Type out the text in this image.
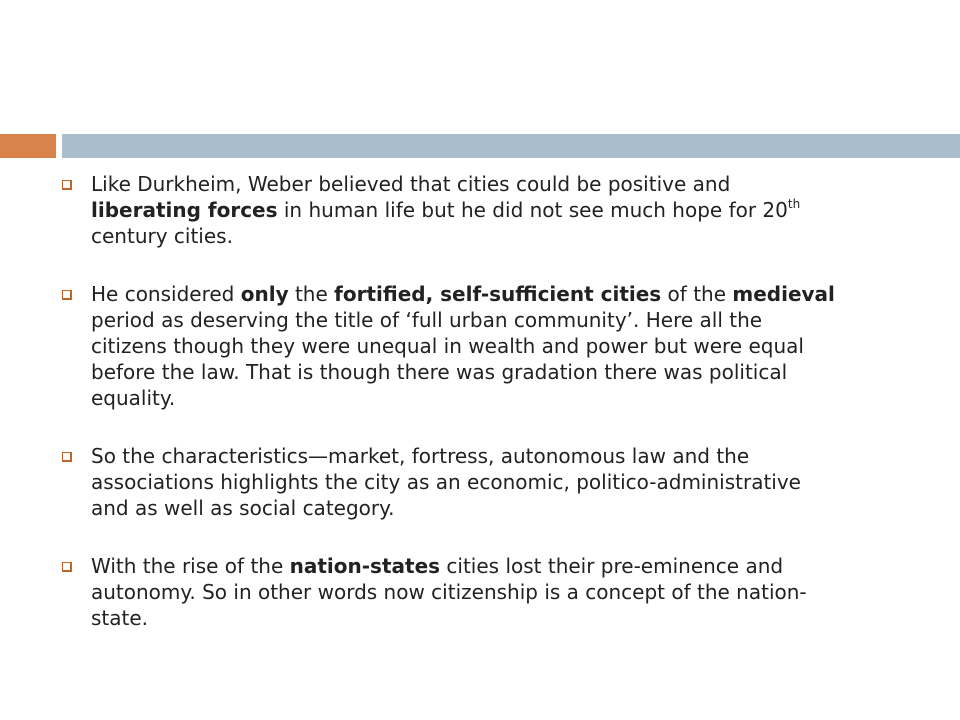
Like Durkheim, Weber believed that cities could be positive and liberating forces in human life but he did not see much hope for 20th century cities.
He considered only the fortified, self-sufficient cities of the medieval period as deserving the title of ‘full urban community’. Here all the citizens though they were unequal in wealth and power but were equal before the law. That is though there was gradation there was political equality.
So the characteristics—market, fortress, autonomous law and the associations highlights the city as an economic, politico-administrative and as well as social category.
With the rise of the nation-states cities lost their pre-eminence and autonomy. So in other words now citizenship is a concept of the nation-state.
